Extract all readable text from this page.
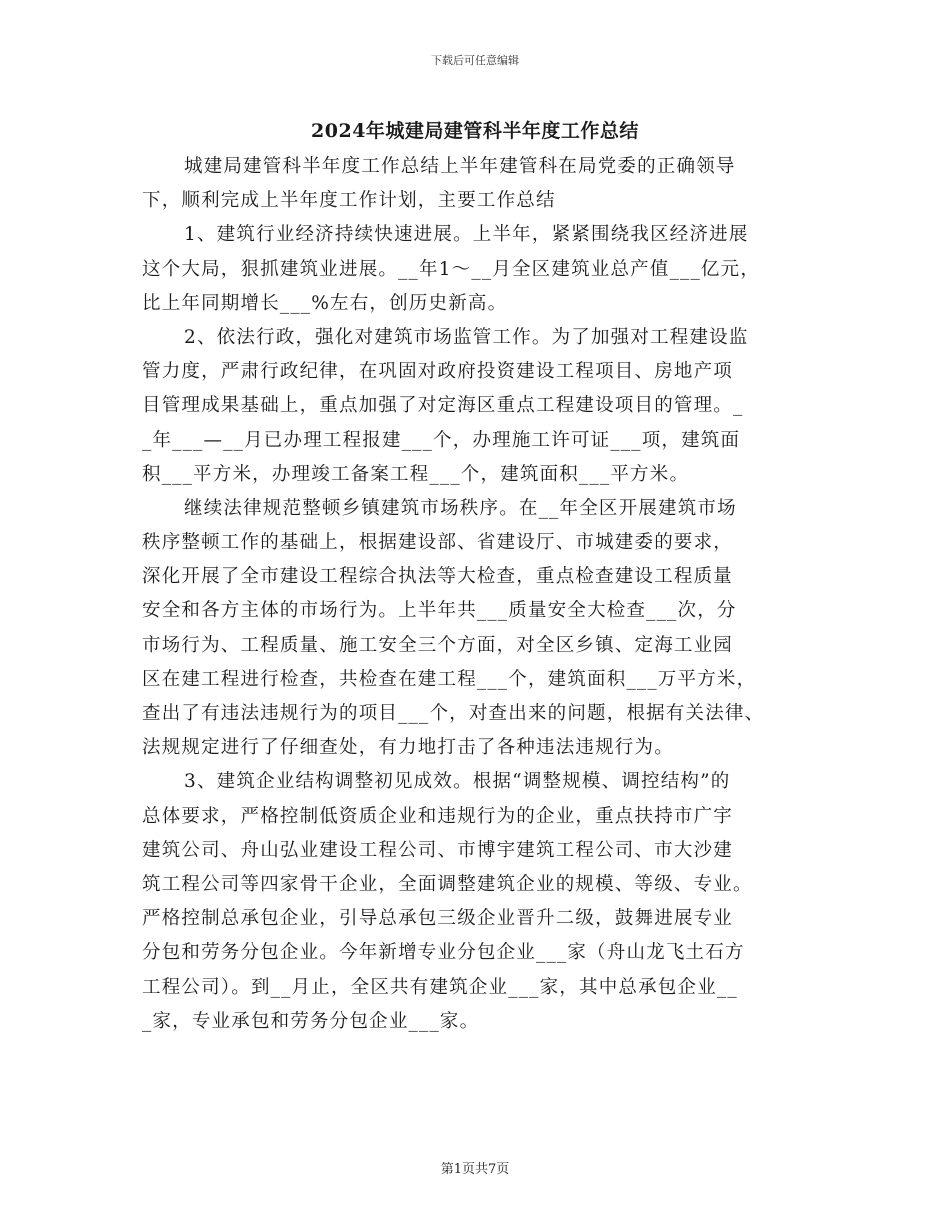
下载后可任意编辑
2024年城建局建管科半年度工作总结
城建局建管科半年度工作总结上半年建管科在局党委的正确领导
下，顺利完成上半年度工作计划，主要工作总结
1、建筑行业经济持续快速进展。上半年，紧紧围绕我区经济进展
这个大局，狠抓建筑业进展。__年1～__月全区建筑业总产值___亿元，
比上年同期增长___%左右，创历史新高。
2、依法行政，强化对建筑市场监管工作。为了加强对工程建设监
管力度，严肃行政纪律，在巩固对政府投资建设工程项目、房地产项
目管理成果基础上，重点加强了对定海区重点工程建设项目的管理。_
_年___—__月已办理工程报建___个，办理施工许可证___项，建筑面
积___平方米，办理竣工备案工程___个，建筑面积___平方米。
继续法律规范整顿乡镇建筑市场秩序。在__年全区开展建筑市场
秩序整顿工作的基础上，根据建设部、省建设厅、市城建委的要求，
深化开展了全市建设工程综合执法等大检查，重点检查建设工程质量
安全和各方主体的市场行为。上半年共___质量安全大检查___次，分
市场行为、工程质量、施工安全三个方面，对全区乡镇、定海工业园
区在建工程进行检查，共检查在建工程___个，建筑面积___万平方米，
查出了有违法违规行为的项目___个，对查出来的问题，根据有关法律、
法规规定进行了仔细查处，有力地打击了各种违法违规行为。
3、建筑企业结构调整初见成效。根据“调整规模、调控结构”的
总体要求，严格控制低资质企业和违规行为的企业，重点扶持市广宇
建筑公司、舟山弘业建设工程公司、市博宇建筑工程公司、市大沙建
筑工程公司等四家骨干企业，全面调整建筑企业的规模、等级、专业。
严格控制总承包企业，引导总承包三级企业晋升二级，鼓舞进展专业
分包和劳务分包企业。今年新增专业分包企业___家（舟山龙飞土石方
工程公司）。到__月止，全区共有建筑企业___家，其中总承包企业__
_家，专业承包和劳务分包企业___家。
第1页共7页
